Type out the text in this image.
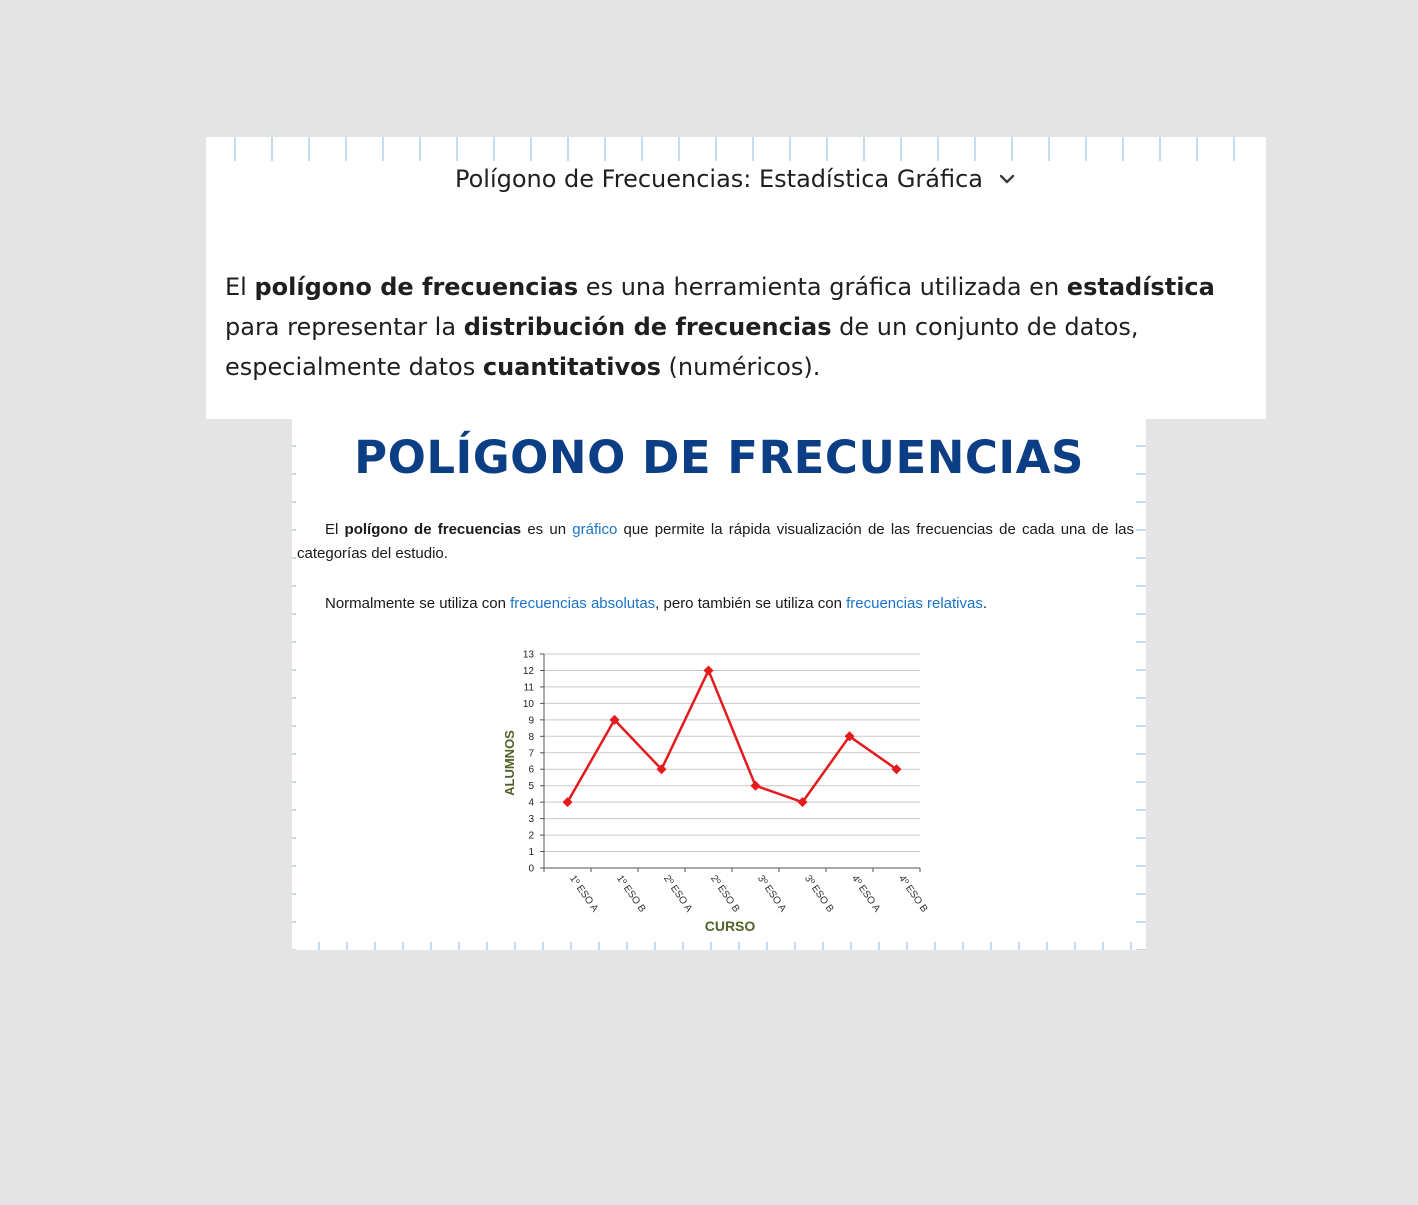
Polígono de Frecuencias: Estadística Gráfica
El polígono de frecuencias es una herramienta gráfica utilizada en estadística para representar la distribución de frecuencias de un conjunto de datos, especialmente datos cuantitativos (numéricos).
POLÍGONO DE FRECUENCIAS
El polígono de frecuencias es un gráfico que permite la rápida visualización de las frecuencias de cada una de las categorías del estudio.
Normalmente se utiliza con frecuencias absolutas, pero también se utiliza con frecuencias relativas.
0
1
2
3
4
5
6
7
8
9
10
11
12
13
1º ESO A 1º ESO B 2º ESO A 2º ESO B 3º ESO A 3º ESO B 4º ESO A 4º ESO B
CURSO
ALUMNOS
